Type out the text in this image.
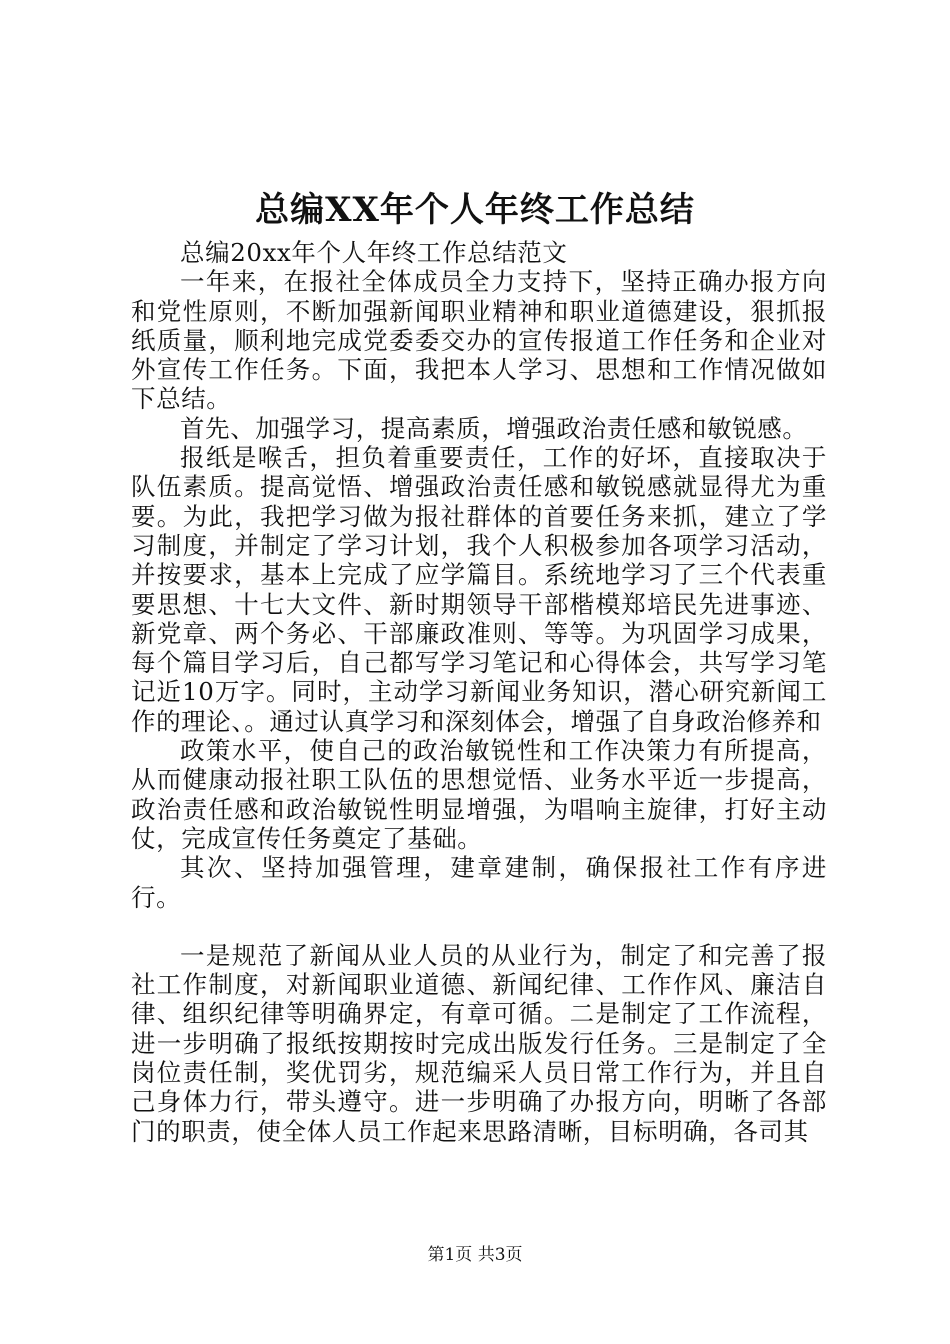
总编XX年个人年终工作总结

总编20xx年个人年终工作总结范文

一年来，在报社全体成员全力支持下，坚持正确办报方向和党性原则，不断加强新闻职业精神和职业道德建设，狠抓报纸质量，顺利地完成党委委交办的宣传报道工作任务和企业对外宣传工作任务。下面，我把本人学习、思想和工作情况做如下总结。

首先、加强学习，提高素质，增强政治责任感和敏锐感。

报纸是喉舌，担负着重要责任，工作的好坏，直接取决于队伍素质。提高觉悟、增强政治责任感和敏锐感就显得尤为重要。为此，我把学习做为报社群体的首要任务来抓，建立了学习制度，并制定了学习计划，我个人积极参加各项学习活动，并按要求，基本上完成了应学篇目。系统地学习了三个代表重要思想、十七大文件、新时期领导干部楷模郑培民先进事迹、新党章、两个务必、干部廉政准则、等等。为巩固学习成果，每个篇目学习后，自己都写学习笔记和心得体会，共写学习笔记近10万字。同时，主动学习新闻业务知识，潜心研究新闻工作的理论、。通过认真学习和深刻体会，增强了自身政治修养和

政策水平，使自己的政治敏锐性和工作决策力有所提高，从而健康动报社职工队伍的思想觉悟、业务水平近一步提高，政治责任感和政治敏锐性明显增强，为唱响主旋律，打好主动仗，完成宣传任务奠定了基础。

其次、坚持加强管理，建章建制，确保报社工作有序进行。

一是规范了新闻从业人员的从业行为，制定了和完善了报社工作制度，对新闻职业道德、新闻纪律、工作作风、廉洁自律、组织纪律等明确界定，有章可循。二是制定了工作流程，进一步明确了报纸按期按时完成出版发行任务。三是制定了全岗位责任制，奖优罚劣，规范编采人员日常工作行为，并且自己身体力行，带头遵守。进一步明确了办报方向，明晰了各部门的职责，使全体人员工作起来思路清晰，目标明确，各司其

第1页 共3页
